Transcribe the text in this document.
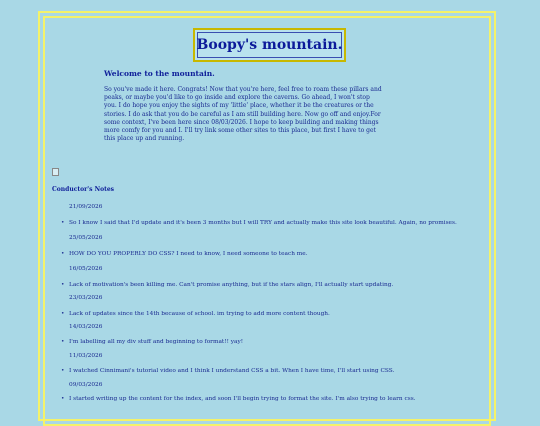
Boopy's mountain.
Welcome to the mountain.
So you've made it here. Congrats! Now that you're here, feel free to roam these pillars and peaks, or maybe you'd like to go inside and explore the caverns. Go ahead, I won't stop you. I do hope you enjoy the sights of my 'little' place, whether it be the creatures or the stories. I do ask that you do be careful as I am still building here. Now go off and enjoy.For some context, I've been here since 08/03/2026. I hope to keep building and making things more comfy for you and I. I'll try link some other sites to this place, but first I have to get this place up and running.
Conductor's Notes
21/09/2026
• So I know I said that I'd update and it's been 3 months but I will TRY and actually make this site look beautiful. Again, no promises.
25/05/2026
• HOW DO YOU PROPERLY DO CSS? I need to know, I need someone to teach me.
16/05/2026
• Lack of motivation's been killing me. Can't promise anything, but if the stars align, I'll actually start updating.
23/03/2026
• Lack of updates since the 14th because of school. im trying to add more content though.
14/03/2026
• I'm labelling all my div stuff and beginning to format!! yay!
11/03/2026
• I watched Cinnimani's tutorial video and I think I understand CSS a bit. When I have time, I'll start using CSS.
09/03/2026
• I started writing up the content for the index, and soon I'll begin trying to format the site. I'm also trying to learn css.
